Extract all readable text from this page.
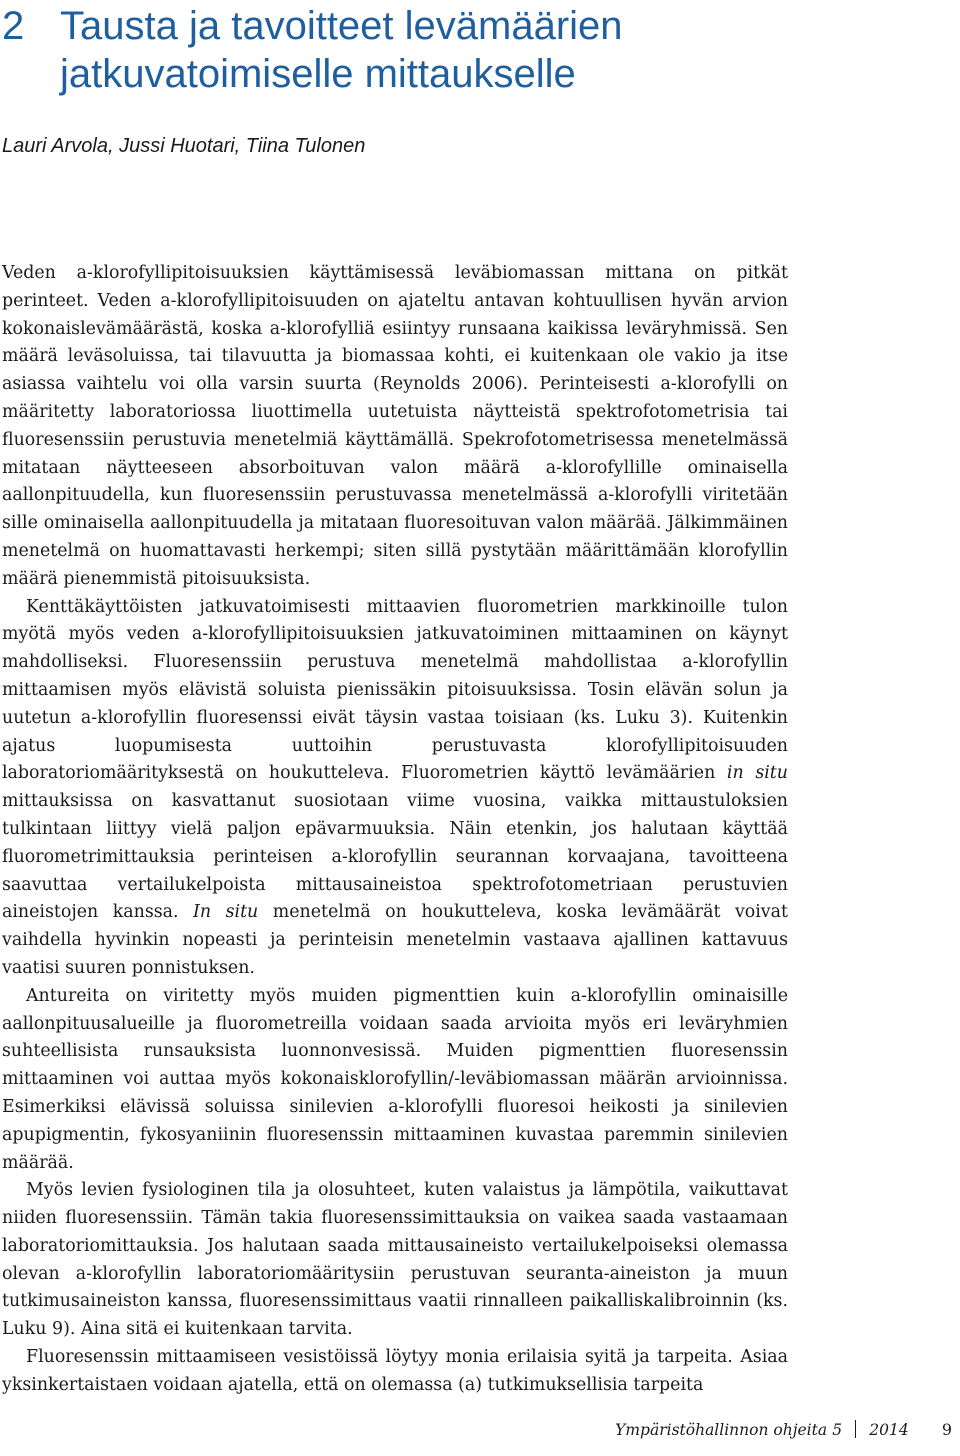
2 Tausta ja tavoitteet levämäärien
jatkuvatoimiselle mittaukselle

Lauri Arvola, Jussi Huotari, Tiina Tulonen

Veden a-klorofyllipitoisuuksien käyttämisessä leväbiomassan mittana on pitkät perinteet. Veden a-klorofyllipitoisuuden on ajateltu antavan kohtuullisen hyvän arvion kokonaislevämäärästä, koska a-klorofylliä esiintyy runsaana kaikissa leväryhmissä. Sen määrä leväsoluissa, tai tilavuutta ja biomassaa kohti, ei kuitenkaan ole vakio ja itse asiassa vaihtelu voi olla varsin suurta (Reynolds 2006). Perinteisesti a-klorofylli on määritetty laboratoriossa liuottimella uutetuista näytteistä spektrofotometrisia tai fluoresenssiin perustuvia menetelmiä käyttämällä. Spekrofotometrisessa menetelmässä mitataan näytteeseen absorboituvan valon määrä a-klorofyllille ominaisella aallonpituudella, kun fluoresenssiin perustuvassa menetelmässä a-klorofylli viritetään sille ominaisella aallonpituudella ja mitataan fluoresoituvan valon määrää. Jälkimmäinen menetelmä on huomattavasti herkempi; siten sillä pystytään määrittämään klorofyllin määrä pienemmistä pitoisuuksista.

Kenttäkäyttöisten jatkuvatoimisesti mittaavien fluorometrien markkinoille tulon myötä myös veden a-klorofyllipitoisuuksien jatkuvatoiminen mittaaminen on käynyt mahdolliseksi. Fluoresenssiin perustuva menetelmä mahdollistaa a-klorofyllin mittaamisen myös elävistä soluista pienissäkin pitoisuuksissa. Tosin elävän solun ja uutetun a-klorofyllin fluoresenssi eivät täysin vastaa toisiaan (ks. Luku 3). Kuitenkin ajatus luopumisesta uuttoihin perustuvasta klorofyllipitoisuuden laboratoriomäärityksestä on houkutteleva. Fluorometrien käyttö levämäärien in situ mittauksissa on kasvattanut suosiotaan viime vuosina, vaikka mittaustuloksien tulkintaan liittyy vielä paljon epävarmuuksia. Näin etenkin, jos halutaan käyttää fluorometrimittauksia perinteisen a-klorofyllin seurannan korvaajana, tavoitteena saavuttaa vertailukelpoista mittausaineistoa spektrofotometriaan perustuvien aineistojen kanssa. In situ menetelmä on houkutteleva, koska levämäärät voivat vaihdella hyvinkin nopeasti ja perinteisin menetelmin vastaava ajallinen kattavuus vaatisi suuren ponnistuksen.

Antureita on viritetty myös muiden pigmenttien kuin a-klorofyllin ominaisille aallonpituusalueille ja fluorometreilla voidaan saada arvioita myös eri leväryhmien suhteellisista runsauksista luonnonvesissä. Muiden pigmenttien fluoresenssin mittaaminen voi auttaa myös kokonaisklorofyllin/-leväbiomassan määrän arvioinnissa. Esimerkiksi elävissä soluissa sinilevien a-klorofylli fluoresoi heikosti ja sinilevien apupigmentin, fykosyaniinin fluoresenssin mittaaminen kuvastaa paremmin sinilevien määrää.

Myös levien fysiologinen tila ja olosuhteet, kuten valaistus ja lämpötila, vaikuttavat niiden fluoresenssiin. Tämän takia fluoresenssimittauksia on vaikea saada vastaamaan laboratoriomittauksia. Jos halutaan saada mittausaineisto vertailukelpoiseksi olemassa olevan a-klorofyllin laboratoriomääritysiin perustuvan seuranta-aineiston ja muun tutkimusaineiston kanssa, fluoresenssimittaus vaatii rinnalleen paikalliskalibroinnin (ks. Luku 9). Aina sitä ei kuitenkaan tarvita.

Fluoresenssin mittaamiseen vesistöissä löytyy monia erilaisia syitä ja tarpeita. Asiaa yksinkertaistaen voidaan ajatella, että on olemassa (a) tutkimuksellisia tarpeita

Ympäristöhallinnon ohjeita 5 2014 9
